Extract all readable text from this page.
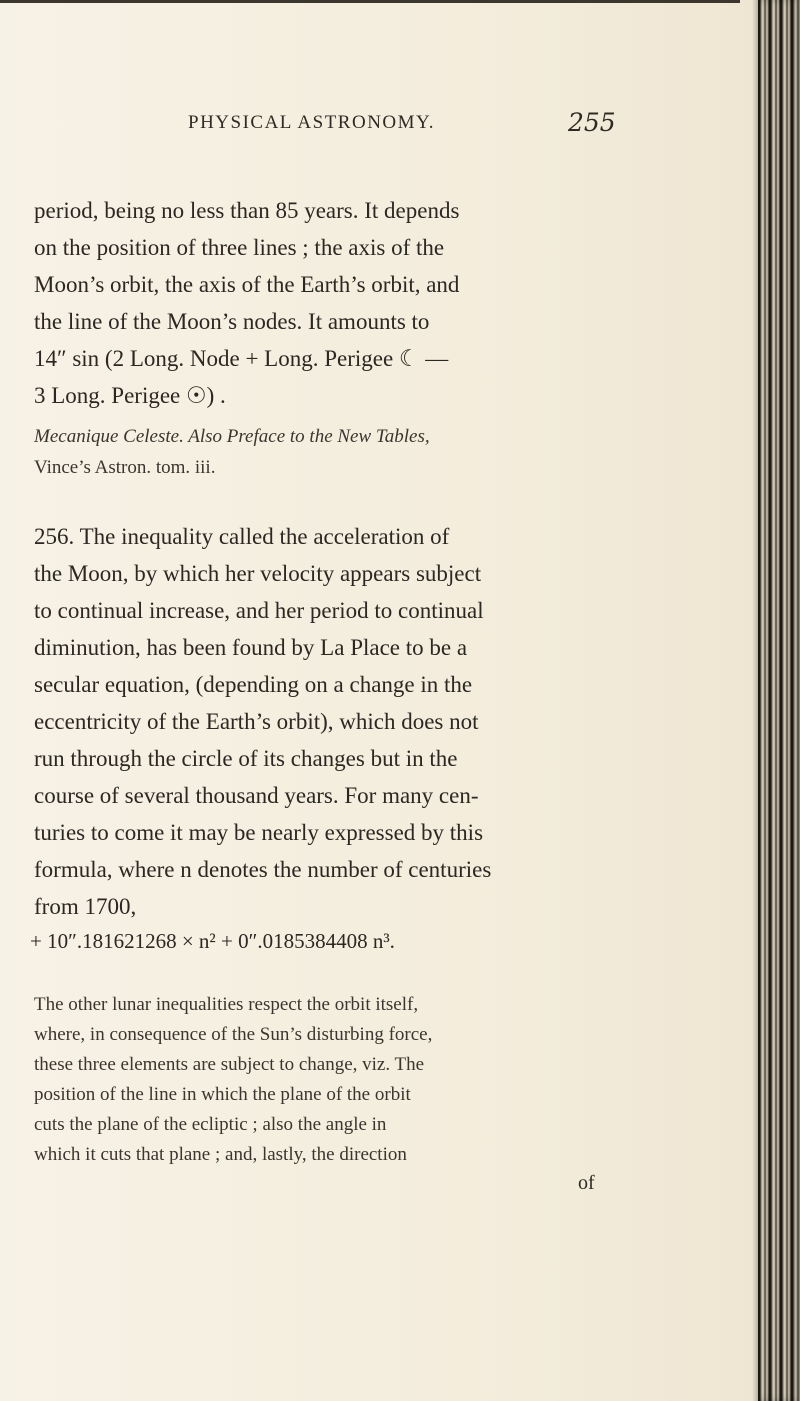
PHYSICAL ASTRONOMY.	255
period, being no less than 85 years. It depends
on the position of three lines ; the axis of the
Moon’s orbit, the axis of the Earth’s orbit, and
the line of the Moon’s nodes. It amounts to
14″ sin (2 Long. Node + Long. Perigee ☾ —
3 Long. Perigee ☉) .
Mecanique Celeste. Also Preface to the New Tables,
Vince’s Astron. tom. iii.
256. The inequality called the acceleration of
the Moon, by which her velocity appears subject
to continual increase, and her period to continual
diminution, has been found by La Place to be a
secular equation, (depending on a change in the
eccentricity of the Earth’s orbit), which does not
run through the circle of its changes but in the
course of several thousand years. For many cen-
turies to come it may be nearly expressed by this
formula, where n denotes the number of centuries
from 1700,
+ 10″.181621268 × n² + 0″.0185384408 n³.
The other lunar inequalities respect the orbit itself,
where, in consequence of the Sun’s disturbing force,
these three elements are subject to change, viz. The
position of the line in which the plane of the orbit
cuts the plane of the ecliptic ; also the angle in
which it cuts that plane ; and, lastly, the direction
of
